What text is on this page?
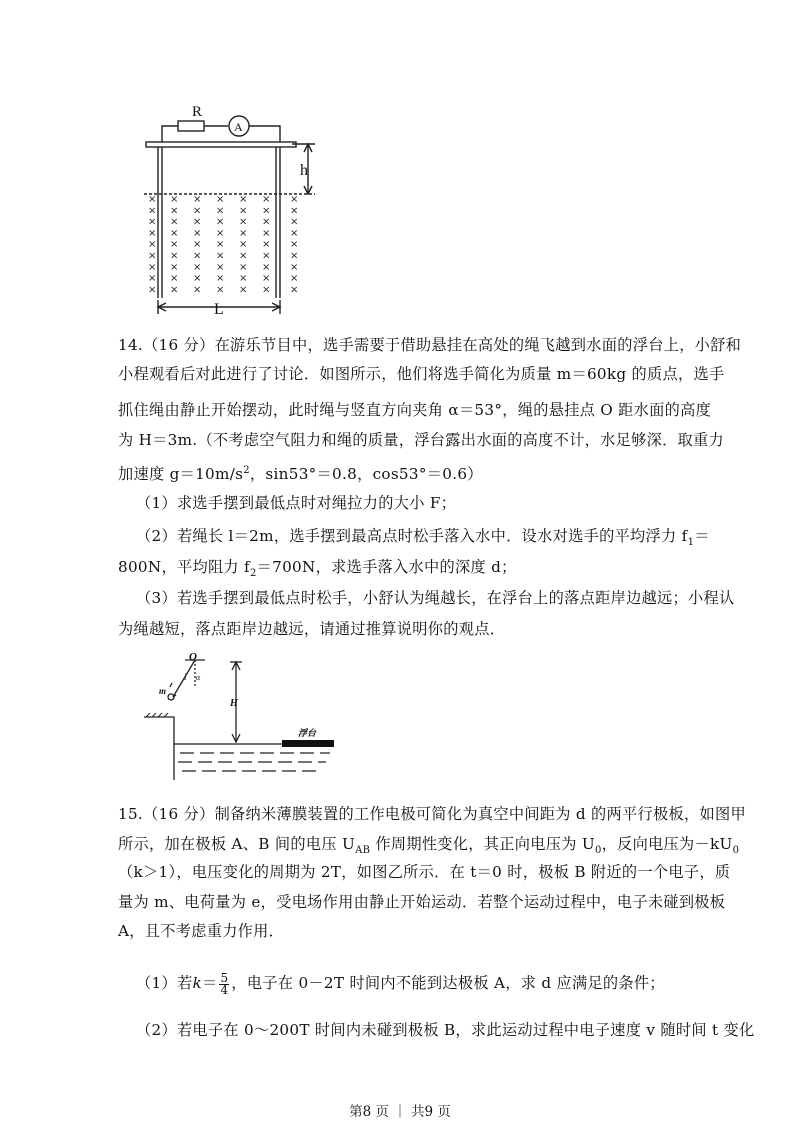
× × × × × × ×
× × × × × × ×
× × × × × × ×
× × × × × × ×
× × × × × × ×
× × × × × × ×
× × × × × × ×
× × × × × × ×
× × × × × × ×
R
A
h
L
14.（16 分）在游乐节目中，选手需要于借助悬挂在高处的绳飞越到水面的浮台上，小舒和
小程观看后对此进行了讨论．如图所示，他们将选手简化为质量 m＝60kg 的质点，选手
抓住绳由静止开始摆动，此时绳与竖直方向夹角 α＝53°，绳的悬挂点 O 距水面的高度
为 H＝3m.（不考虑空气阻力和绳的质量，浮台露出水面的高度不计，水足够深．取重力
加速度 $g=10m/s^2$，sin53°＝0.8，cos53°＝0.6）
（1）求选手摆到最低点时对绳拉力的大小 F；
（2）若绳长 l＝2m，选手摆到最高点时松手落入水中．设水对选手的平均浮力 $f_1=$
800N，平均阻力 $f_2=700N$，求选手落入水中的深度 d；
（3）若选手摆到最低点时松手，小舒认为绳越长，在浮台上的落点距岸边越远；小程认
为绳越短，落点距岸边越远，请通过推算说明你的观点．
O
l α
m
H
浮台
15.（16 分）制备纳米薄膜装置的工作电极可简化为真空中间距为 d 的两平行极板，如图甲
所示，加在极板 A、B 间的电压 $U_{AB}$ 作周期性变化，其正向电压为 $U_0$，反向电压为$-kU_0$
（k＞1），电压变化的周期为 2T，如图乙所示．在 t＝0 时，极板 B 附近的一个电子，质
量为 m、电荷量为 e，受电场作用由静止开始运动．若整个运动过程中，电子未碰到极板
A，且不考虑重力作用．
（1）若$k= \frac{5}{4}$ ，电子在 0－2T 时间内不能到达极板 A，求 d 应满足的条件；
（2）若电子在 0～200T 时间内未碰到极板 B，求此运动过程中电子速度 v 随时间 t 变化
第8 页 ｜ 共9 页
